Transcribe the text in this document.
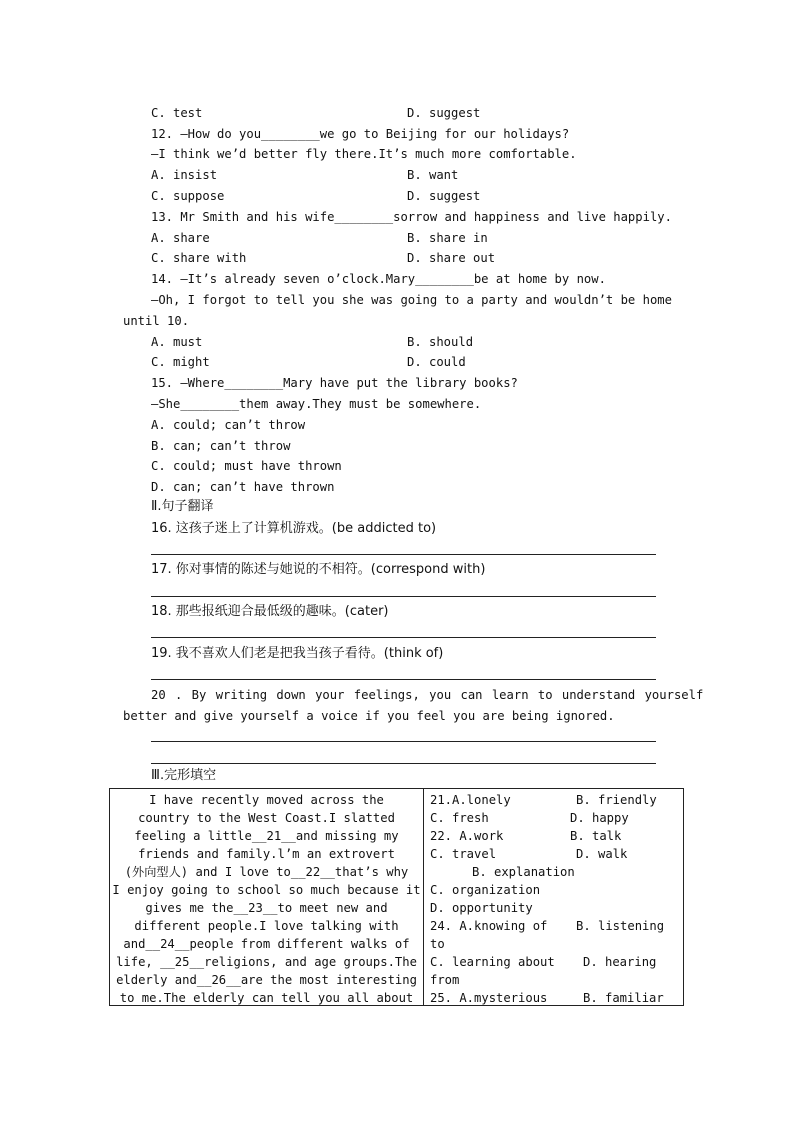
C. test	D. suggest
12. —How do you________we go to Beijing for our holidays?
—I think we’d better fly there.It’s much more comfortable.
A. insist	B. want
C. suppose	D. suggest
13. Mr Smith and his wife________sorrow and happiness and live happily.
A. share	B. share in
C. share with	D. share out
14. —It’s already seven o’clock.Mary________be at home by now.
—Oh, I forgot to tell you she was going to a party and wouldn’t be home
until 10.
A. must	B. should
C. might	D. could
15. —Where________Mary have put the library books?
—She________them away.They must be somewhere.
A. could; can’t throw
B. can; can’t throw
C. could; must have thrown
D. can; can’t have thrown
Ⅱ.句子翻译
16. 这孩子迷上了计算机游戏。(be addicted to)
17. 你对事情的陈述与她说的不相符。(correspond with)
18. 那些报纸迎合最低级的趣味。(cater)
19. 我不喜欢人们老是把我当孩子看待。(think of)
20 . By writing down your feelings, you can learn to understand yourself
better and give yourself a voice if you feel you are being ignored.
Ⅲ.完形填空
I have recently moved across the
country to the West Coast.I slatted
feeling a little__21__and missing my
friends and family.l’m an extrovert
(外向型人) and I love to__22__that’s why
I enjoy going to school so much because it
gives me the__23__to meet new and
different people.I love talking with
and__24__people from different walks of
life, __25__religions, and age groups.The
elderly and__26__are the most interesting
to me.The elderly can tell you all about
21.A.lonely	B. friendly
C. fresh	D. happy
22. A.work	B. talk
C. travel	D. walk
B. explanation
C. organization
D. opportunity
24. A.knowing of B. listening
to
C. learning about D. hearing
from
25. A.mysterious	B. familiar
